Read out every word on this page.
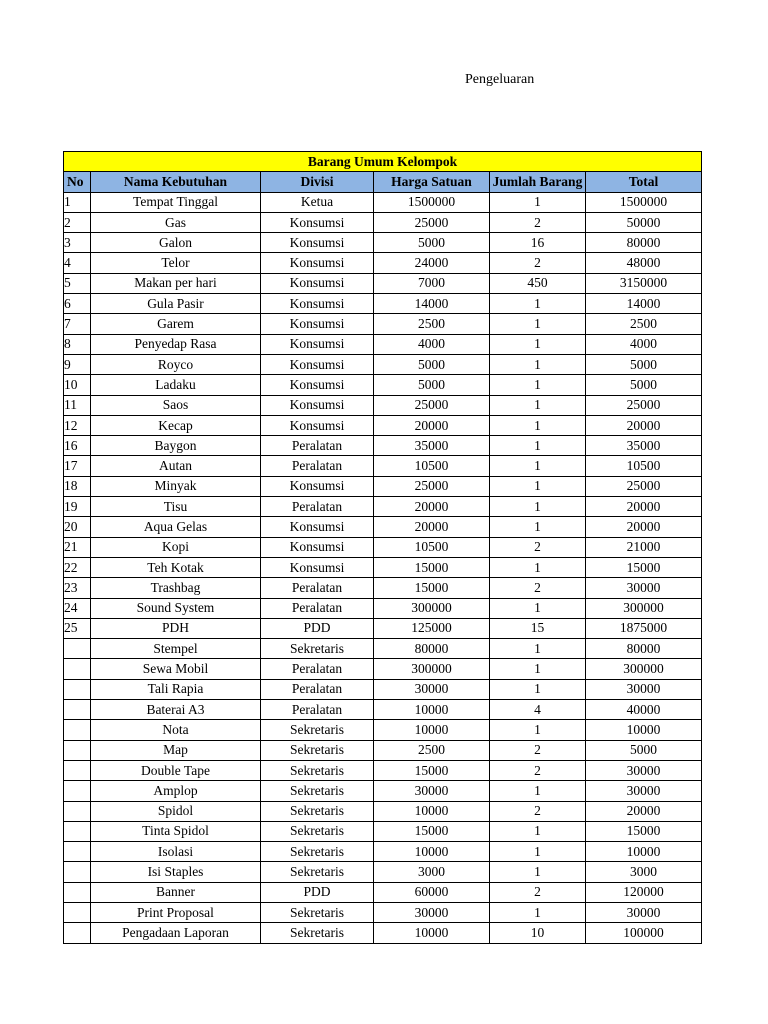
Pengeluaran
Barang Umum Kelompok					
No	Nama Kebutuhan	Divisi	Harga Satuan	Jumlah Barang	Total
1	Tempat Tinggal	Ketua	1500000	1	1500000
2	Gas	Konsumsi	25000	2	50000
3	Galon	Konsumsi	5000	16	80000
4	Telor	Konsumsi	24000	2	48000
5	Makan per hari	Konsumsi	7000	450	3150000
6	Gula Pasir	Konsumsi	14000	1	14000
7	Garem	Konsumsi	2500	1	2500
8	Penyedap Rasa	Konsumsi	4000	1	4000
9	Royco	Konsumsi	5000	1	5000
10	Ladaku	Konsumsi	5000	1	5000
11	Saos	Konsumsi	25000	1	25000
12	Kecap	Konsumsi	20000	1	20000
16	Baygon	Peralatan	35000	1	35000
17	Autan	Peralatan	10500	1	10500
18	Minyak	Konsumsi	25000	1	25000
19	Tisu	Peralatan	20000	1	20000
20	Aqua Gelas	Konsumsi	20000	1	20000
21	Kopi	Konsumsi	10500	2	21000
22	Teh Kotak	Konsumsi	15000	1	15000
23	Trashbag	Peralatan	15000	2	30000
24	Sound System	Peralatan	300000	1	300000
25	PDH	PDD	125000	15	1875000
	Stempel	Sekretaris	80000	1	80000
	Sewa Mobil	Peralatan	300000	1	300000
	Tali Rapia	Peralatan	30000	1	30000
	Baterai A3	Peralatan	10000	4	40000
	Nota	Sekretaris	10000	1	10000
	Map	Sekretaris	2500	2	5000
	Double Tape	Sekretaris	15000	2	30000
	Amplop	Sekretaris	30000	1	30000
	Spidol	Sekretaris	10000	2	20000
	Tinta Spidol	Sekretaris	15000	1	15000
	Isolasi	Sekretaris	10000	1	10000
	Isi Staples	Sekretaris	3000	1	3000
	Banner	PDD	60000	2	120000
	Print Proposal	Sekretaris	30000	1	30000
	Pengadaan Laporan	Sekretaris	10000	10	100000
